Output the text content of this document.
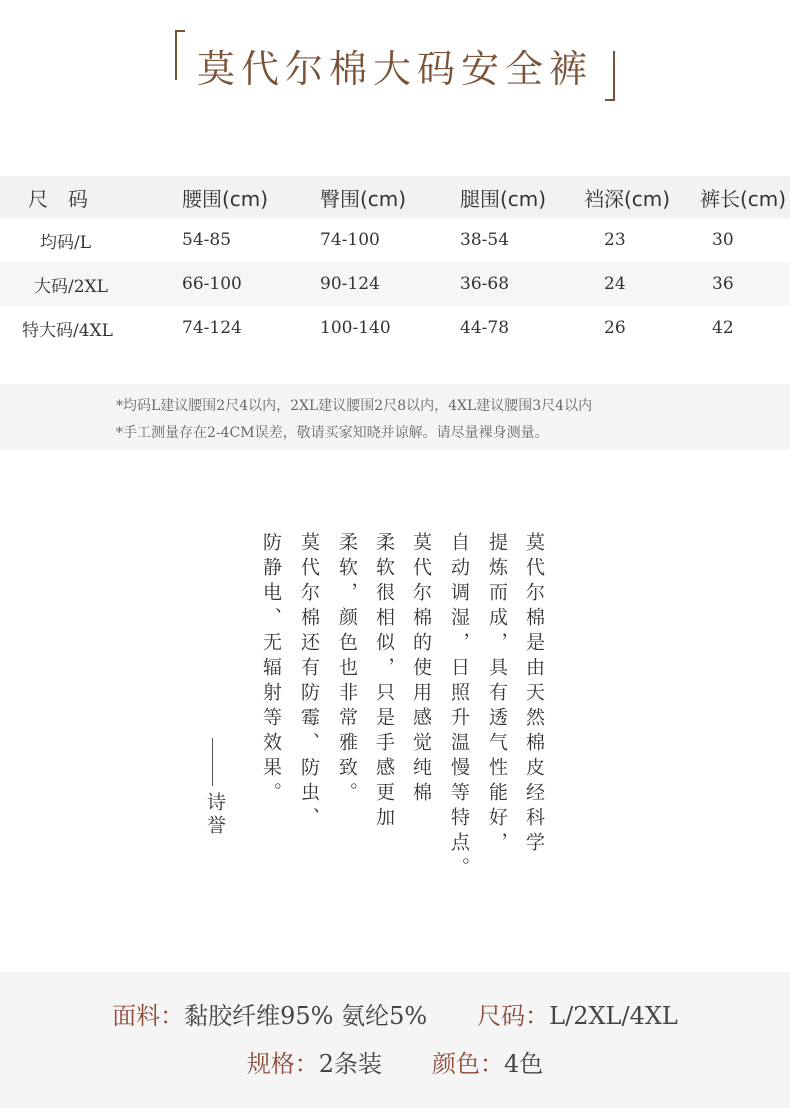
莫代尔棉大码安全裤
尺　码	腰围(cm)	臀围(cm)	腿围(cm)	裆深(cm)	裤长(cm)
均码/L	54-85	74-100	38-54	23	30
大码/2XL	66-100	90-124	36-68	24	36
特大码/4XL	74-124	100-140	44-78	26	42
*均码L建议腰围2尺4以内，2XL建议腰围2尺8以内，4XL建议腰围3尺4以内
*手工测量存在2-4CM误差，敬请买家知晓并谅解。请尽量裸身测量。
莫代尔棉是由天然棉皮经科学
提炼而成，具有透气性能好，
自动调湿，日照升温慢等特点。
莫代尔棉的使用感觉纯棉
柔软很相似，只是手感更加
柔软，颜色也非常雅致。
莫代尔棉还有防霉、防虫、
防静电、无辐射等效果。
诗誉
面料：黏胶纤维95% 氨纶5% 尺码：L/2XL/4XL
规格：2条装 颜色：4色
